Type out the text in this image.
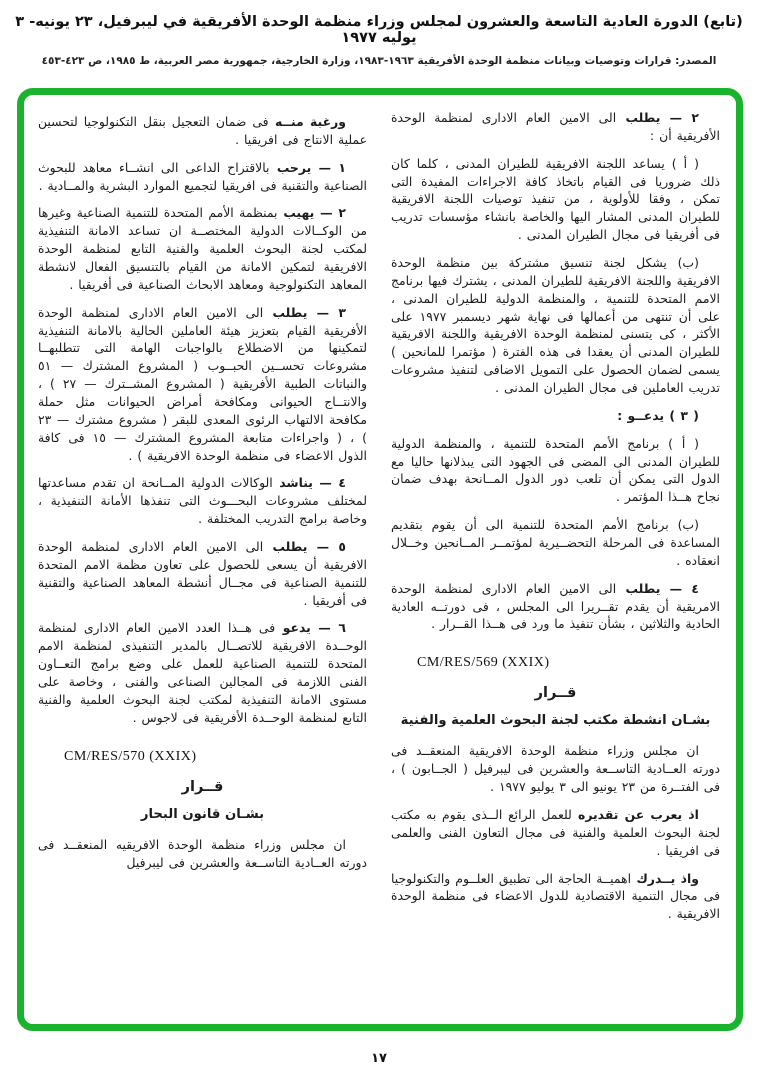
(تابع) الدورة العادية التاسعة والعشرون لمجلس وزراء منظمة الوحدة الأفريقية في ليبرفيل، ٢٣ يونيه- ٣ يوليه ١٩٧٧
المصدر: قرارات وتوصيات وبيانات منظمة الوحدة الأفريقية ١٩٦٣-١٩٨٣، وزارة الخارجية، جمهورية مصر العربية، ط ١٩٨٥، ص ٤٢٣-٤٥٣

٢ — يطلبالى الامين العام الادارى لمنظمة الوحدة الأفريقية أن :

( أ ) يساعد اللجنة الافريقية للطيران المدنى ، كلما كان ذلك ضروريا فى القيام باتخاذ كافة الاجراءات المفيدة التى تمكن ، وفقا للأولوية ، من تنفيذ توصيات اللجنة الافريقية للطيران المدنى المشار اليها والخاصة بانشاء مؤسسات تدريب فى أفريقيا فى مجال الطيران المدنى .

(ب) يشكل لجنة تنسيق مشتركة بين منظمة الوحدة الافريقية واللجنة الافريقية للطيران المدنى ، يشترك فيها برنامج الامم المتحدة للتنمية ، والمنظمة الدولية للطيران المدنى ، على أن تنتهى من أعمالها فى نهاية شهر ديسمبر ١٩٧٧ على الأكثر ، كى يتسنى لمنظمة الوحدة الافريقية واللجنة الافريقية للطيران المدنى أن يعقدا فى هذه الفترة ( مؤتمرا للمانحين ) يسمى لضمان الحصول على التمويل الاضافى لتنفيذ مشروعات تدريب العاملين فى مجال الطيران المدنى .

( ٣ ) يدعــو :

( أ ) برنامج الأمم المتحدة للتنمية ، والمنظمة الدولية للطيران المدنى الى المضى فى الجهود التى يبذلانها حاليا مع الدول التى يمكن أن تلعب دور الدول المــانحة بهدف ضمان نجاح هــذا المؤتمر .

(ب) برنامج الأمم المتحدة للتنمية الى أن يقوم بتقديم المساعدة فى المرحلة التحضــيرية لمؤتمــر المــانحين وخــلال انعقاده .

٤ — يطلبالى الامين العام الادارى لمنظمة الوحدة الامريقية أن يقدم تقــريرا الى المجلس ، فى دورتــه العادية الحادية والثلاثين ، بشأن تنفيذ ما ورد فى هــذا القــرار .

CM/RES/569 (XXIX)
قــرار
بشـان انشطة مكتب لجنة البحوث العلمية والفنية

ان مجلس وزراء منظمة الوحدة الافريقية المنعقــد فى دورته العــادية التاســعة والعشرين فى ليبرفيل ( الجــابون ) ، فى الفتــرة من ٢٣ يونيو الى ٣ يوليو ١٩٧٧ .

اذ يعرب عن تقديرهللعمل الرائع الــذى يقوم به مكتب لجنة البحوث العلمية والفنية فى مجال التعاون الفنى والعلمى فى افريقيا .

واذ يــدركاهميــة الحاجة الى تطبيق العلــوم والتكنولوجيا فى مجال التنمية الاقتصادية للدول الاعضاء فى منظمة الوحدة الافريقية .

ورغبة منــهفى ضمان التعجيل بنقل التكنولوجيا لتحسين عملية الانتاج فى افريقيا .

١ — يرحببالاقتراح الداعى الى انشــاء معاهد للبحوث الصناعية والتقنية فى افريقيا لتجميع الموارد البشرية والمــادية .

٢ — يهيببمنظمة الأمم المتحدة للتنمية الصناعية وغيرها من الوكــالات الدولية المختصــة ان تساعد الامانة التنفيذية لمكتب لجنة البحوث العلمية والفنية التابع لمنظمة الوحدة الافريقية لتمكين الامانة من القيام بالتنسيق الفعال لانشطة المعاهد التكنولوجية ومعاهد الابحاث الصناعية فى أفريقيا .

٣ — يطلبالى الامين العام الادارى لمنظمة الوحدة الأفريقية القيام بتعزيز هيئة العاملين الحالية بالامانة التنفيذية لتمكينها من الاضطلاع بالواجبات الهامة التى تتطلبهــا مشروعات تحســين الحبــوب ( المشروع المشترك — ٥١ والنباتات الطبية الأفريقية ( المشروع المشــترك — ٢٧ ) ، والانتــاج الحيوانى ومكافحة أمراض الحيوانات مثل حملة مكافحة الالتهاب الرئوى المعدى للبقر ( مشروع مشترك — ٢٣ ) ، ( واجراءات متابعة المشروع المشترك — ١٥ فى كافة الذول الاعضاء فى منظمة الوحدة الافريقية ) .

٤ — يناشدالوكالات الدولية المــانحة ان تقدم مساعدتها لمختلف مشروعات البحـــوث التى تنفذها الأمانة التنفيذية ، وخاصة برامج التدريب المختلفة .

٥ — يطلبالى الامين العام الادارى لمنظمة الوحدة الافريقية أن يسعى للحصول على تعاون مظمة الامم المتحدة للتنمية الصناعية فى مجــال أنشطة المعاهد الصناعية والتقنية فى أفريقيا .

٦ — يدعوفى هــذا العدد الامين العام الادارى لمنظمة الوحــدة الافريقية للاتصــال بالمدير التنفيذى لمنظمة الامم المتحدة للتنمية الصناعية للعمل على وضع برامج التعــاون الفنى اللازمة فى المجالين الصناعى والفنى ، وخاصة على مستوى الامانة التنفيذية لمكتب لجنة البحوث العلمية والفنية التابع لمنظمة الوحــدة الأفريقية فى لاجوس .

CM/RES/570 (XXIX)
قــرار
بشـان قانون البحار

ان مجلس وزراء منظمة الوحدة الافريقيه المنعقــد فى دورته العــادية التاســعة والعشرين فى ليبرفيل

١٧
